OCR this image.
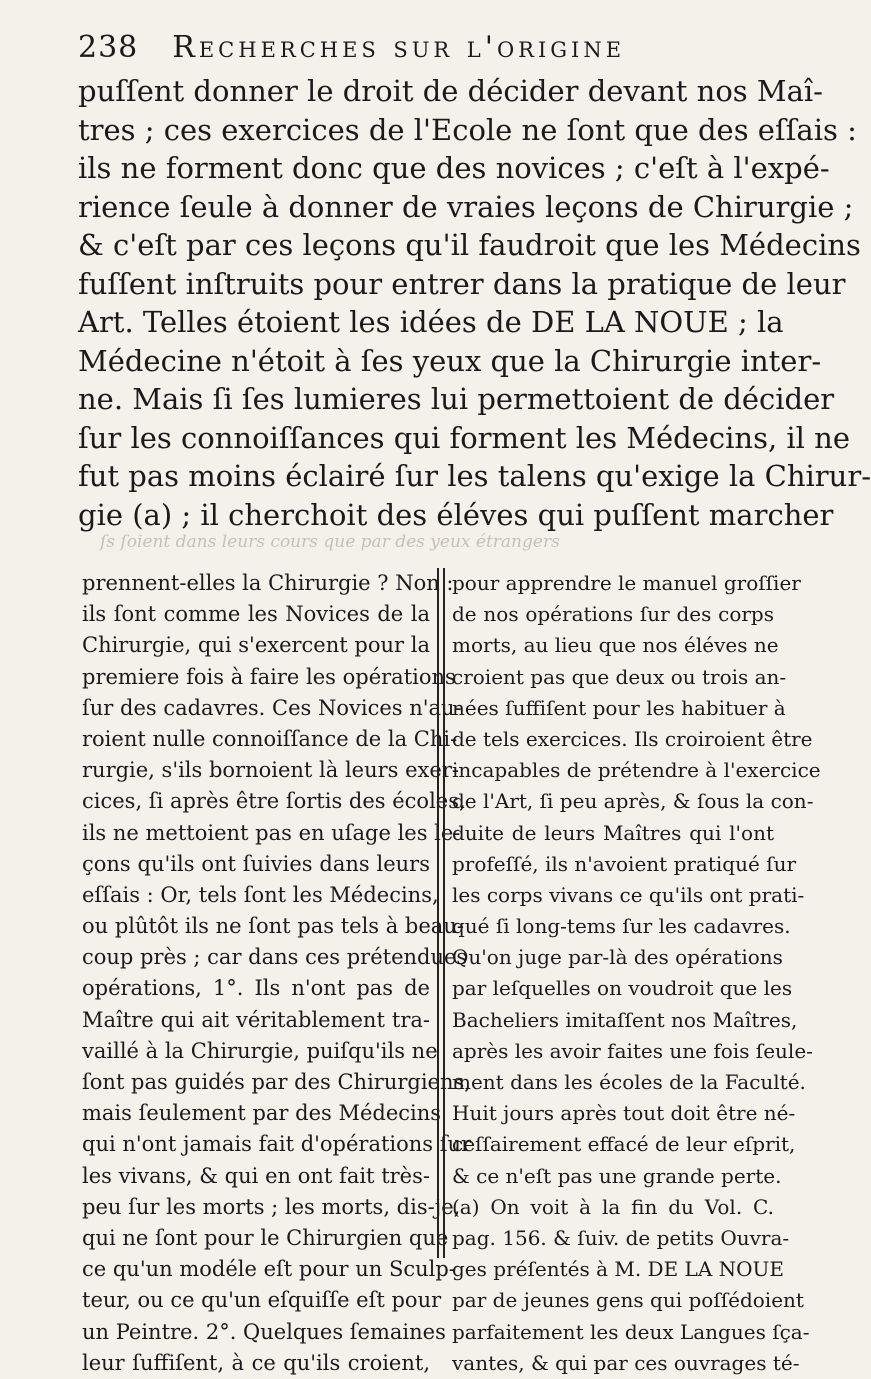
238 Recherches sur l'origine
puſſent donner le droit de décider devant nos Maî-
tres ; ces exercices de l'Ecole ne ſont que des eſſais :
ils ne forment donc que des novices ; c'eſt à l'expé-
rience ſeule à donner de vraies leçons de Chirurgie ;
& c'eſt par ces leçons qu'il faudroit que les Médecins
fuſſent inſtruits pour entrer dans la pratique de leur
Art. Telles étoient les idées de DE LA NOUE ; la
Médecine n'étoit à ſes yeux que la Chirurgie inter-
ne. Mais ſi ſes lumieres lui permettoient de décider
ſur les connoiſſances qui forment les Médecins, il ne
fut pas moins éclairé ſur les talens qu'exige la Chirur-
gie (a) ; il cherchoit des éléves qui puſſent marcher
ſs ſoient dans leurs cours que par des yeux étrangers
prennent-elles la Chirurgie ? Non :
ils ſont comme les Novices de la
Chirurgie, qui s'exercent pour la
premiere fois à faire les opérations
ſur des cadavres. Ces Novices n'au-
roient nulle connoiſſance de la Chi-
rurgie, s'ils bornoient là leurs exer-
cices, ſi après être ſortis des écoles,
ils ne mettoient pas en uſage les le-
çons qu'ils ont ſuivies dans leurs
eſſais : Or, tels ſont les Médecins,
ou plûtôt ils ne ſont pas tels à beau-
coup près ; car dans ces prétendues
opérations, 1°. Ils n'ont pas de
Maître qui ait véritablement tra-
vaillé à la Chirurgie, puiſqu'ils ne
ſont pas guidés par des Chirurgiens,
mais ſeulement par des Médecins
qui n'ont jamais fait d'opérations ſur
les vivans, & qui en ont fait très-
peu ſur les morts ; les morts, dis-je,
qui ne ſont pour le Chirurgien que
ce qu'un modéle eſt pour un Sculp-
teur, ou ce qu'un eſquiſſe eſt pour
un Peintre. 2°. Quelques ſemaines
leur ſuffiſent, à ce qu'ils croient,
pour apprendre le manuel groſſier
de nos opérations ſur des corps
morts, au lieu que nos éléves ne
croient pas que deux ou trois an-
nées ſuffiſent pour les habituer à
de tels exercices. Ils croiroient être
incapables de prétendre à l'exercice
de l'Art, ſi peu après, & ſous la con-
duite de leurs Maîtres qui l'ont
profeſſé, ils n'avoient pratiqué ſur
les corps vivans ce qu'ils ont prati-
qué ſi long-tems ſur les cadavres.
Qu'on juge par-là des opérations
par leſquelles on voudroit que les
Bacheliers imitaſſent nos Maîtres,
après les avoir faites une fois ſeule-
ment dans les écoles de la Faculté.
Huit jours après tout doit être né-
ceſſairement effacé de leur eſprit,
& ce n'eſt pas une grande perte.
(a) On voit à la fin du Vol. C.
pag. 156. & ſuiv. de petits Ouvra-
ges préſentés à M. DE LA NOUE
par de jeunes gens qui poſſédoient
parfaitement les deux Langues ſça-
vantes, & qui par ces ouvrages té-
